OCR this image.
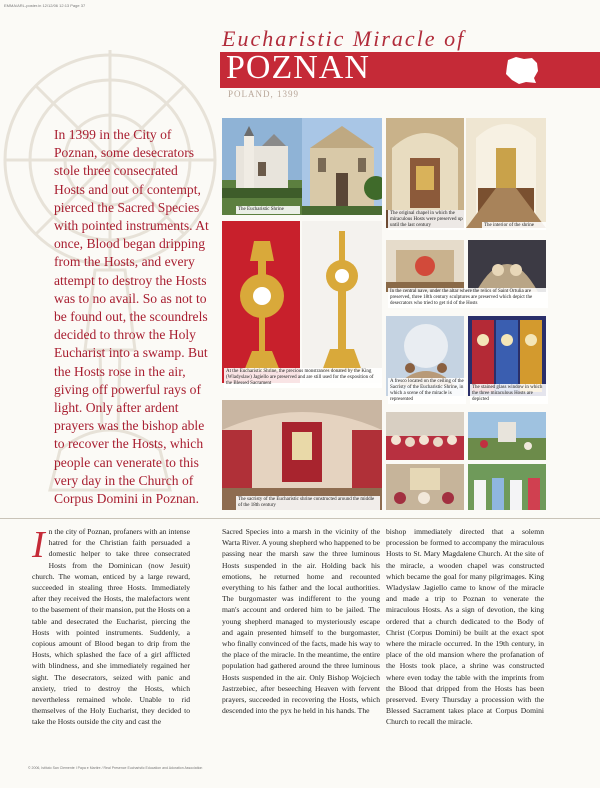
EMMA/ARL-poster.in 12/12/06 12:13 Page 37
Eucharistic Miracle of
POZNAN
POLAND, 1399
In 1399 in the City of Poznan, some desecrators stole three consecrated Hosts and out of contempt, pierced the Sacred Species with pointed instruments. At once, Blood began dripping from the Hosts, and every attempt to destroy the Hosts was to no avail. So as not to be found out, the scoundrels decided to throw the Holy Eucharist into a swamp. But the Hosts rose in the air, giving off powerful rays of light. Only after ardent prayers was the bishop able to recover the Hosts, which people can venerate to this very day in the Church of Corpus Domini in Poznan.
The Eucharistic Shrine
The original chapel in which the miraculous Hosts were preserved up until the last century	The interior of the shrine
At the Eucharistic Shrine, the precious monstrances donated by the King (Wladyslaw) Jagiello are preserved and are still used for the exposition of the Blessed Sacrament
In the central nave, under the altar where the relics of Saint Ortulia are preserved, three 18th century sculptures are preserved which depict the desecrators who tried to get rid of the Hosts
A fresco located on the ceiling of the Sacristy of the Eucharistic Shrine, in which a scene of the miracle is represented
The stained glass window in which the three miraculous Hosts are depicted
The sacristy of the Eucharistic shrine constructed around the middle of the 18th century
In the city of Poznan, profaners with an intense hatred for the Christian faith persuaded a domestic helper to take three consecrated Hosts from the Dominican (now Jesuit) church. The woman, enticed by a large reward, succeeded in stealing three Hosts. Immediately after they received the Hosts, the malefactors went to the basement of their mansion, put the Hosts on a table and desecrated the Eucharist, piercing the Hosts with pointed instruments. Suddenly, a copious amount of Blood began to drip from the Hosts, which splashed the face of a girl afflicted with blindness, and she immediately regained her sight. The desecrators, seized with panic and anxiety, tried to destroy the Hosts, which nevertheless remained whole. Unable to rid themselves of the Holy Eucharist, they decided to take the Hosts outside the city and cast the
Sacred Species into a marsh in the vicinity of the Warta River. A young shepherd who happened to be passing near the marsh saw the three luminous Hosts suspended in the air. Holding back his emotions, he returned home and recounted everything to his father and the local authorities. The burgomaster was indifferent to the young man's account and ordered him to be jailed. The young shepherd managed to mysteriously escape and again presented himself to the burgomaster, who finally convinced of the facts, made his way to the place of the miracle. In the meantime, the entire population had gathered around the three luminous Hosts suspended in the air. Only Bishop Wojciech Jastrzebiec, after beseeching Heaven with fervent prayers, succeeded in recovering the Hosts, which descended into the pyx he held in his hands. The
bishop immediately directed that a solemn procession be formed to accompany the miraculous Hosts to St. Mary Magdalene Church. At the site of the miracle, a wooden chapel was constructed which became the goal for many pilgrimages. King Wladyslaw Jagiello came to know of the miracle and made a trip to Poznan to venerate the miraculous Hosts. As a sign of devotion, the king ordered that a church dedicated to the Body of Christ (Corpus Domini) be built at the exact spot where the miracle occurred. In the 19th century, in place of the old mansion where the profanation of the Hosts took place, a shrine was constructed where even today the table with the imprints from the Blood that dripped from the Hosts has been preserved. Every Thursday a procession with the Blessed Sacrament takes place at Corpus Domini Church to recall the miracle.
© 2006, Istituto San Clemente I Papa e Martire / Real Presence Eucharistic Education and Adoration Association
